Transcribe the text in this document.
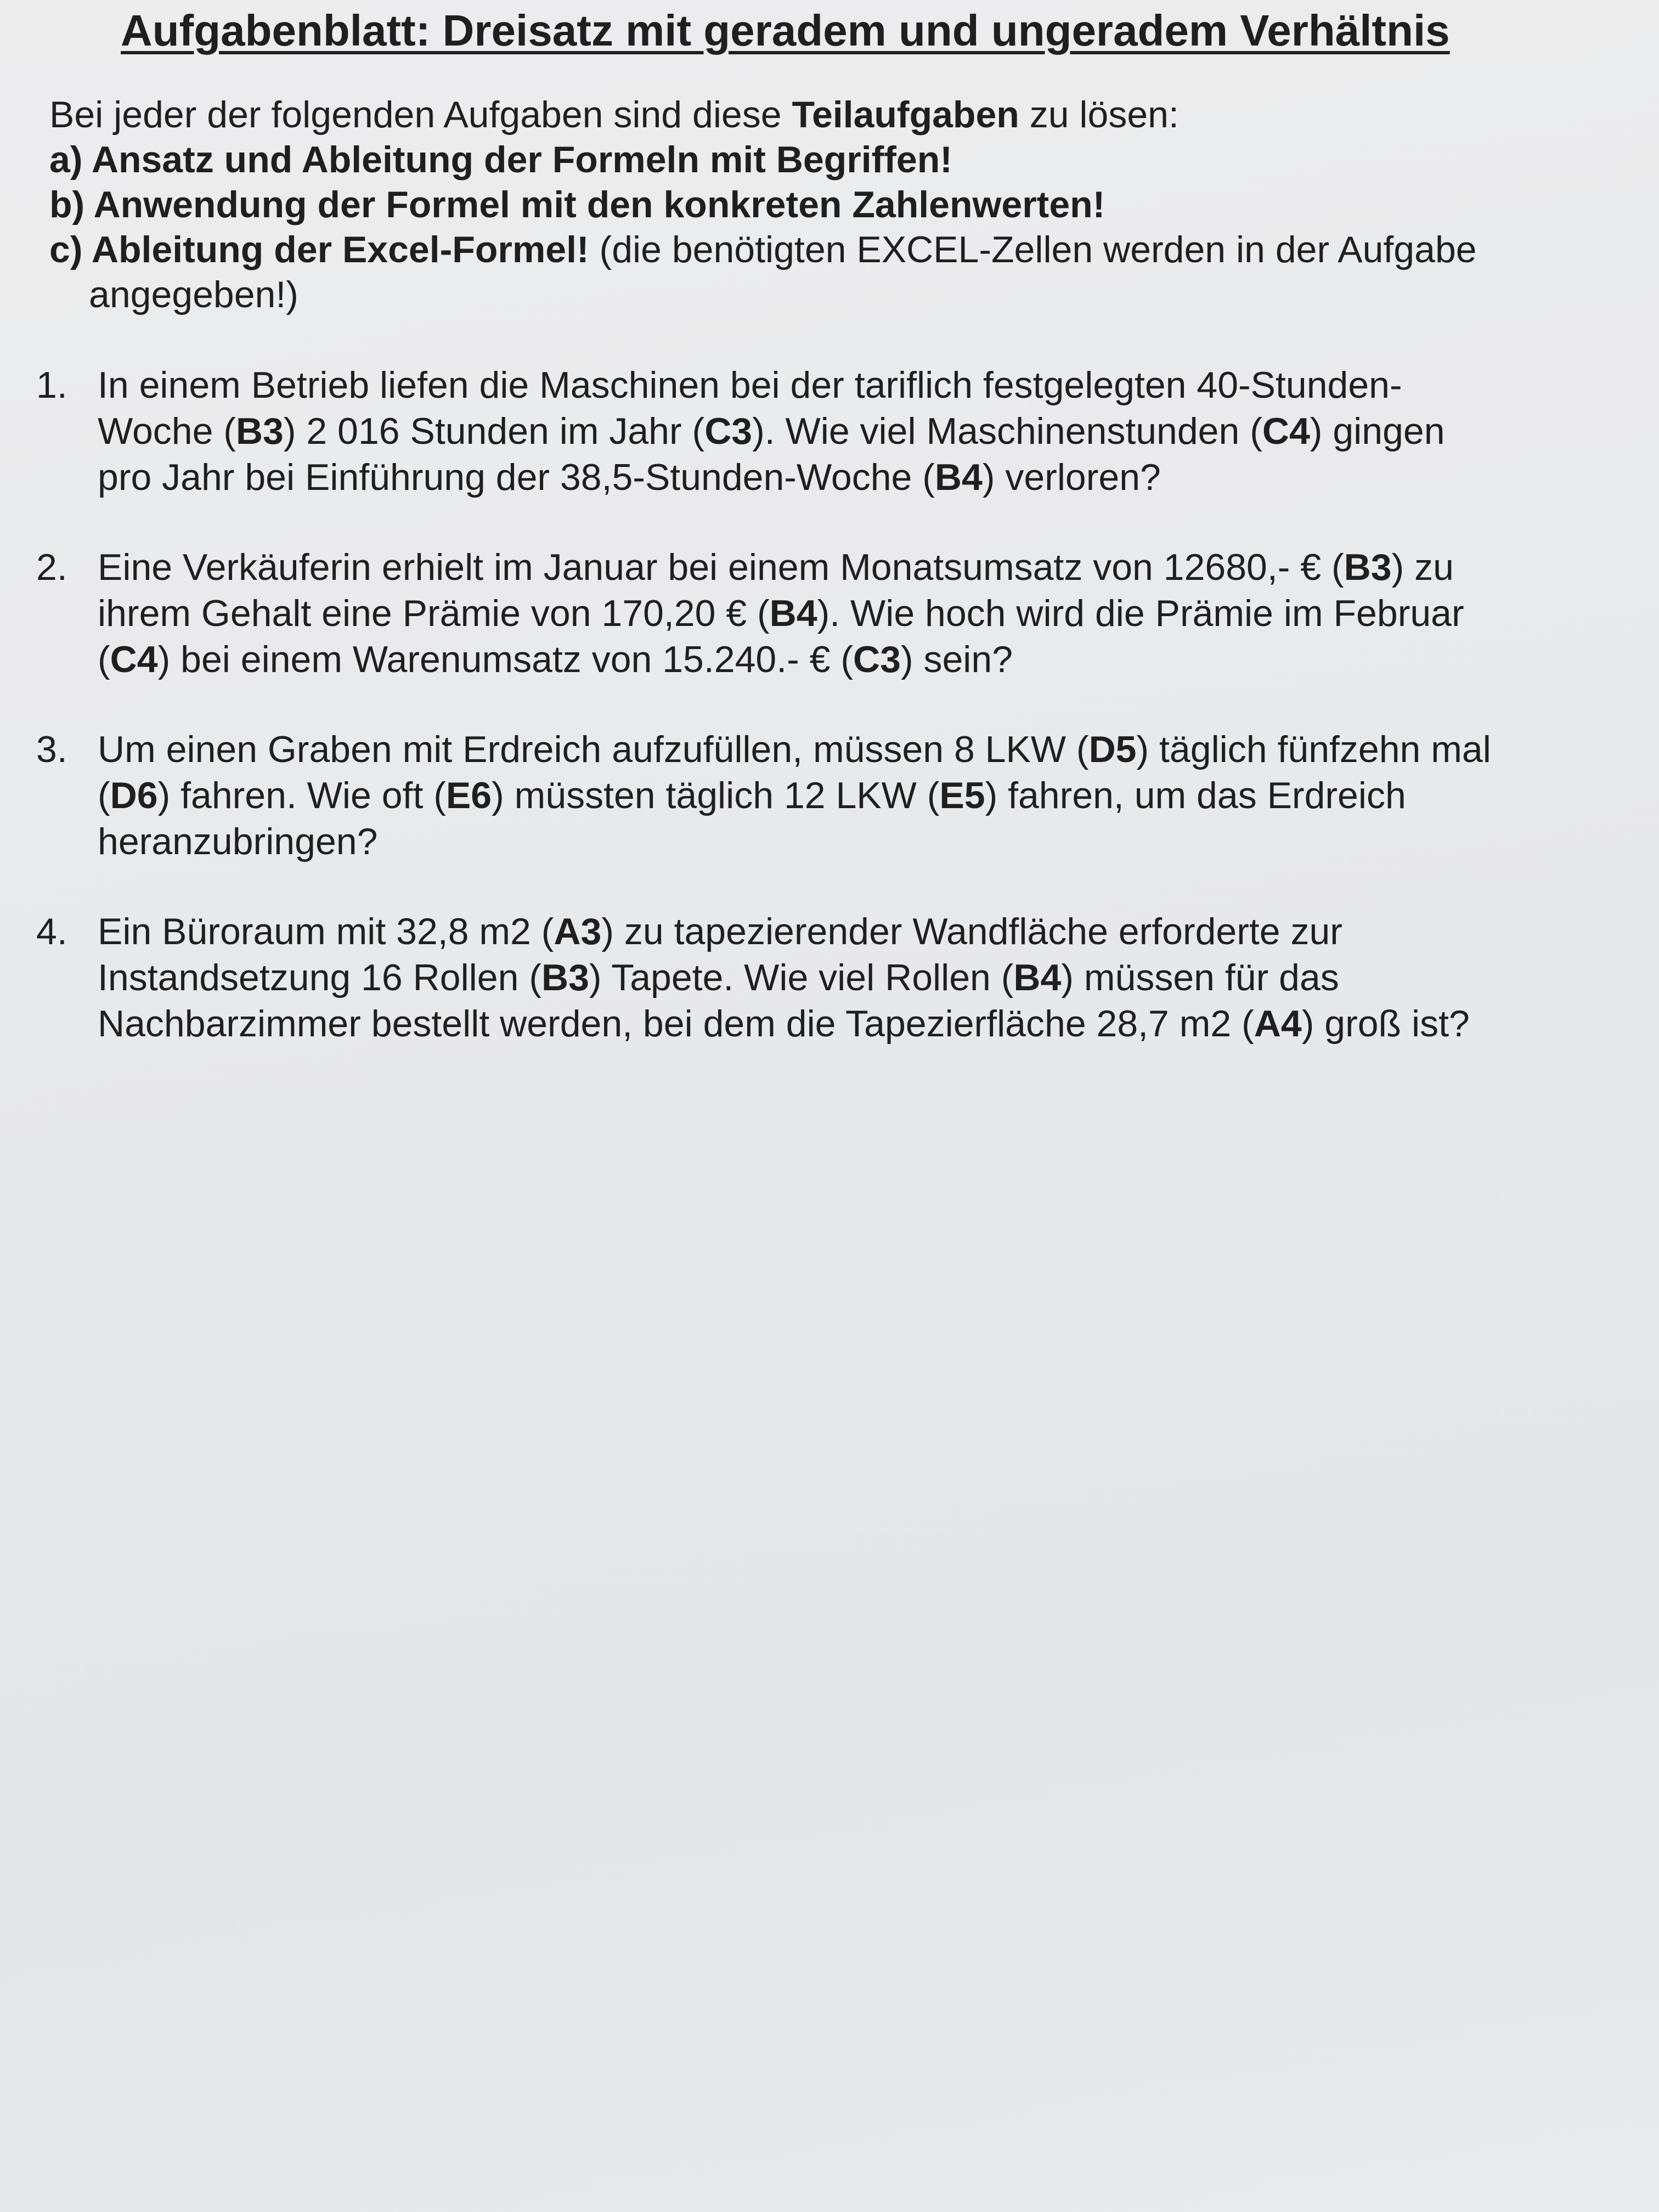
Aufgabenblatt: Dreisatz mit geradem und ungeradem Verhältnis
Bei jeder der folgenden Aufgaben sind diese Teilaufgaben zu lösen:
a) Ansatz und Ableitung der Formeln mit Begriffen!
b) Anwendung der Formel mit den konkreten Zahlenwerten!
c) Ableitung der Excel-Formel! (die benötigten EXCEL-Zellen werden in der Aufgabe
angegeben!)
1. In einem Betrieb liefen die Maschinen bei der tariflich festgelegten 40-Stunden-
Woche (B3) 2 016 Stunden im Jahr (C3). Wie viel Maschinenstunden (C4) gingen
pro Jahr bei Einführung der 38,5-Stunden-Woche (B4) verloren?
2. Eine Verkäuferin erhielt im Januar bei einem Monatsumsatz von 12680,- € (B3) zu
ihrem Gehalt eine Prämie von 170,20 € (B4). Wie hoch wird die Prämie im Februar
(C4) bei einem Warenumsatz von 15.240.- € (C3) sein?
3. Um einen Graben mit Erdreich aufzufüllen, müssen 8 LKW (D5) täglich fünfzehn mal
(D6) fahren. Wie oft (E6) müssten täglich 12 LKW (E5) fahren, um das Erdreich
heranzubringen?
4. Ein Büroraum mit 32,8 m2 (A3) zu tapezierender Wandfläche erforderte zur
Instandsetzung 16 Rollen (B3) Tapete. Wie viel Rollen (B4) müssen für das
Nachbarzimmer bestellt werden, bei dem die Tapezierfläche 28,7 m2 (A4) groß ist?
